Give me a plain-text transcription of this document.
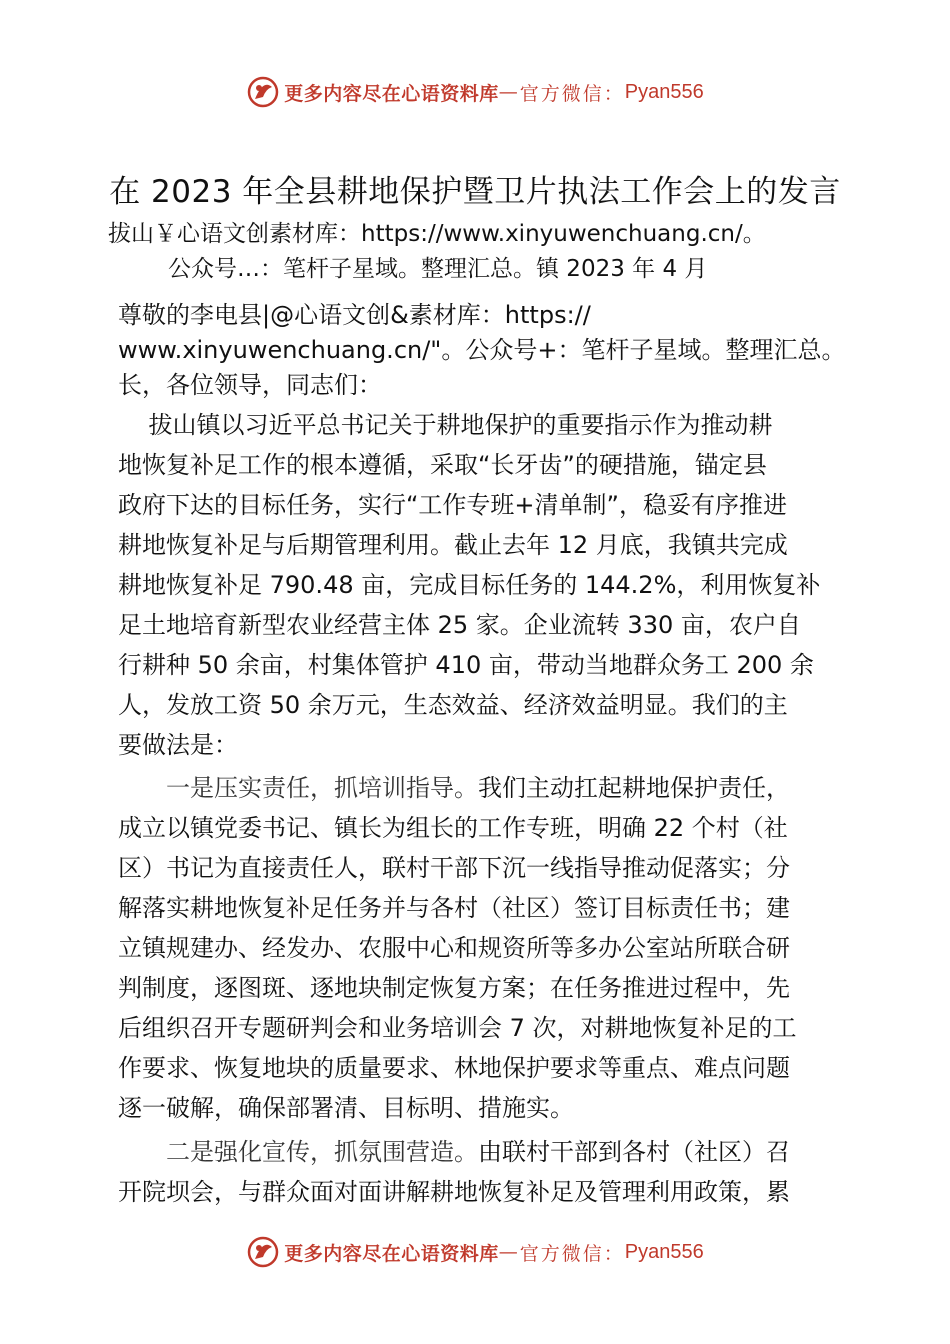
更多内容尽在心语资料库 — 官方微信： Pyan556
在 2023 年全县耕地保护暨卫片执法工作会上的发言
拔山￥心语文创素材库：https://www.xinyuwenchuang.cn/。
公众号…：笔杆子星域。整理汇总。镇 2023 年 4 月
尊敬的李电县|@心语文创&素材库：https://
www.xinyuwenchuang.cn/"。公众号+：笔杆子星域。整理汇总。
长，各位领导，同志们：
拔山镇以习近平总书记关于耕地保护的重要指示作为推动耕
地恢复补足工作的根本遵循，采取“长牙齿”的硬措施，锚定县
政府下达的目标任务，实行“工作专班+清单制”，稳妥有序推进
耕地恢复补足与后期管理利用。截止去年 12 月底，我镇共完成
耕地恢复补足 790.48 亩，完成目标任务的 144.2%，利用恢复补
足土地培育新型农业经营主体 25 家。企业流转 330 亩，农户自
行耕种 50 余亩，村集体管护 410 亩，带动当地群众务工 200 余
人，发放工资 50 余万元，生态效益、经济效益明显。我们的主
要做法是：
一是压实责任，抓培训指导。我们主动扛起耕地保护责任，
成立以镇党委书记、镇长为组长的工作专班，明确 22 个村（社
区）书记为直接责任人，联村干部下沉一线指导推动促落实；分
解落实耕地恢复补足任务并与各村（社区）签订目标责任书；建
立镇规建办、经发办、农服中心和规资所等多办公室站所联合研
判制度，逐图斑、逐地块制定恢复方案；在任务推进过程中，先
后组织召开专题研判会和业务培训会 7 次，对耕地恢复补足的工
作要求、恢复地块的质量要求、林地保护要求等重点、难点问题
逐一破解，确保部署清、目标明、措施实。
二是强化宣传，抓氛围营造。由联村干部到各村（社区）召
开院坝会，与群众面对面讲解耕地恢复补足及管理利用政策，累
更多内容尽在心语资料库 — 官方微信： Pyan556
